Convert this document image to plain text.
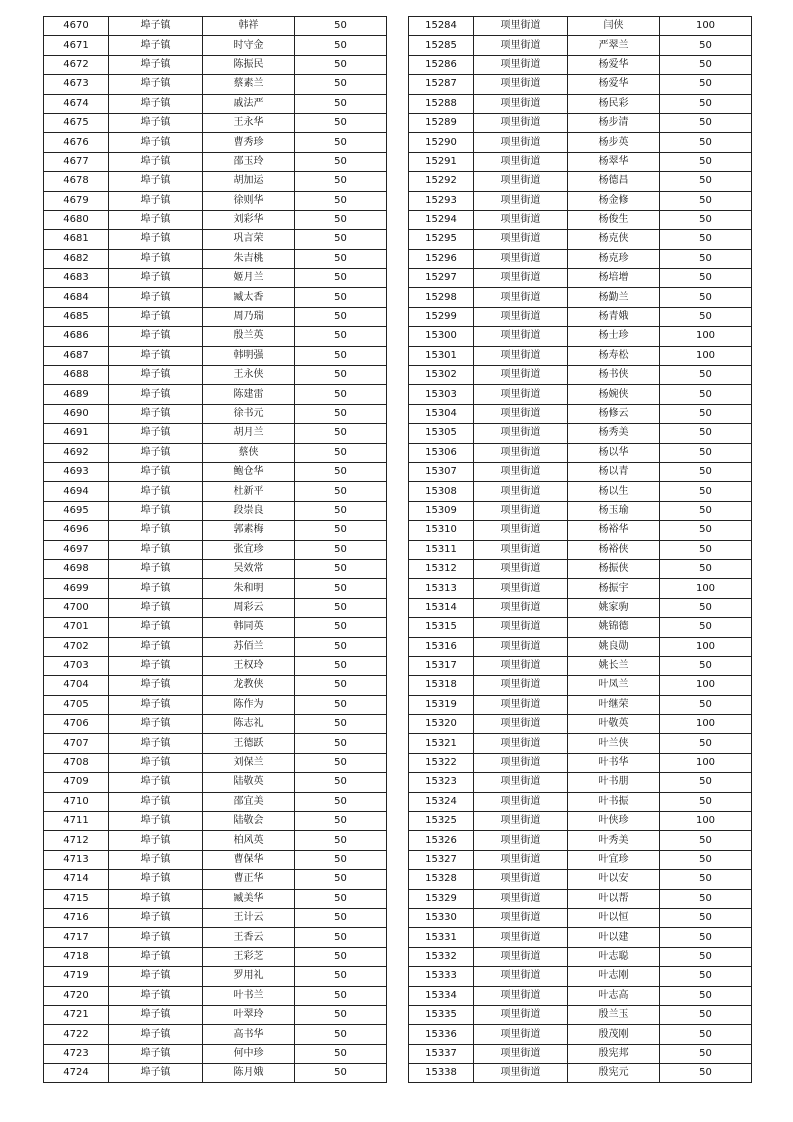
4670	埠子镇	韩祥	50
4671	埠子镇	时守金	50
4672	埠子镇	陈振民	50
4673	埠子镇	蔡素兰	50
4674	埠子镇	戚法严	50
4675	埠子镇	王永华	50
4676	埠子镇	曹秀珍	50
4677	埠子镇	邵玉玲	50
4678	埠子镇	胡加运	50
4679	埠子镇	徐则华	50
4680	埠子镇	刘彩华	50
4681	埠子镇	巩言荣	50
4682	埠子镇	朱吉桃	50
4683	埠子镇	姬月兰	50
4684	埠子镇	臧太香	50
4685	埠子镇	周乃瑞	50
4686	埠子镇	殷兰英	50
4687	埠子镇	韩明强	50
4688	埠子镇	王永侠	50
4689	埠子镇	陈建雷	50
4690	埠子镇	徐书元	50
4691	埠子镇	胡月兰	50
4692	埠子镇	蔡侠	50
4693	埠子镇	鲍仓华	50
4694	埠子镇	杜新平	50
4695	埠子镇	段崇良	50
4696	埠子镇	郭素梅	50
4697	埠子镇	张宜珍	50
4698	埠子镇	吴效常	50
4699	埠子镇	朱和明	50
4700	埠子镇	周彩云	50
4701	埠子镇	韩同英	50
4702	埠子镇	苏佰兰	50
4703	埠子镇	王权玲	50
4704	埠子镇	龙教侠	50
4705	埠子镇	陈作为	50
4706	埠子镇	陈志礼	50
4707	埠子镇	王德跃	50
4708	埠子镇	刘保兰	50
4709	埠子镇	陆敬英	50
4710	埠子镇	邵宜美	50
4711	埠子镇	陆敬会	50
4712	埠子镇	柏风英	50
4713	埠子镇	曹保华	50
4714	埠子镇	曹正华	50
4715	埠子镇	臧美华	50
4716	埠子镇	王计云	50
4717	埠子镇	王香云	50
4718	埠子镇	王彩芝	50
4719	埠子镇	罗用礼	50
4720	埠子镇	叶书兰	50
4721	埠子镇	叶翠玲	50
4722	埠子镇	高书华	50
4723	埠子镇	何中珍	50
4724	埠子镇	陈月娥	50
15284	项里街道	闫侠	100
15285	项里街道	严翠兰	50
15286	项里街道	杨爱华	50
15287	项里街道	杨爱华	50
15288	项里街道	杨民彩	50
15289	项里街道	杨步清	50
15290	项里街道	杨步英	50
15291	项里街道	杨翠华	50
15292	项里街道	杨德昌	50
15293	项里街道	杨金修	50
15294	项里街道	杨俊生	50
15295	项里街道	杨克侠	50
15296	项里街道	杨克珍	50
15297	项里街道	杨培增	50
15298	项里街道	杨勤兰	50
15299	项里街道	杨青娥	50
15300	项里街道	杨士珍	100
15301	项里街道	杨寿松	100
15302	项里街道	杨书侠	50
15303	项里街道	杨婉侠	50
15304	项里街道	杨修云	50
15305	项里街道	杨秀美	50
15306	项里街道	杨以华	50
15307	项里街道	杨以青	50
15308	项里街道	杨以生	50
15309	项里街道	杨玉瑜	50
15310	项里街道	杨裕华	50
15311	项里街道	杨裕侠	50
15312	项里街道	杨振侠	50
15313	项里街道	杨振宇	100
15314	项里街道	姚家驹	50
15315	项里街道	姚锦德	50
15316	项里街道	姚良勋	100
15317	项里街道	姚长兰	50
15318	项里街道	叶凤兰	100
15319	项里街道	叶继荣	50
15320	项里街道	叶敬英	100
15321	项里街道	叶兰侠	50
15322	项里街道	叶书华	100
15323	项里街道	叶书朋	50
15324	项里街道	叶书振	50
15325	项里街道	叶侠珍	100
15326	项里街道	叶秀美	50
15327	项里街道	叶宜珍	50
15328	项里街道	叶以安	50
15329	项里街道	叶以帮	50
15330	项里街道	叶以恒	50
15331	项里街道	叶以建	50
15332	项里街道	叶志聪	50
15333	项里街道	叶志刚	50
15334	项里街道	叶志高	50
15335	项里街道	殷兰玉	50
15336	项里街道	殷茂刚	50
15337	项里街道	殷宪邦	50
15338	项里街道	殷宪元	50
